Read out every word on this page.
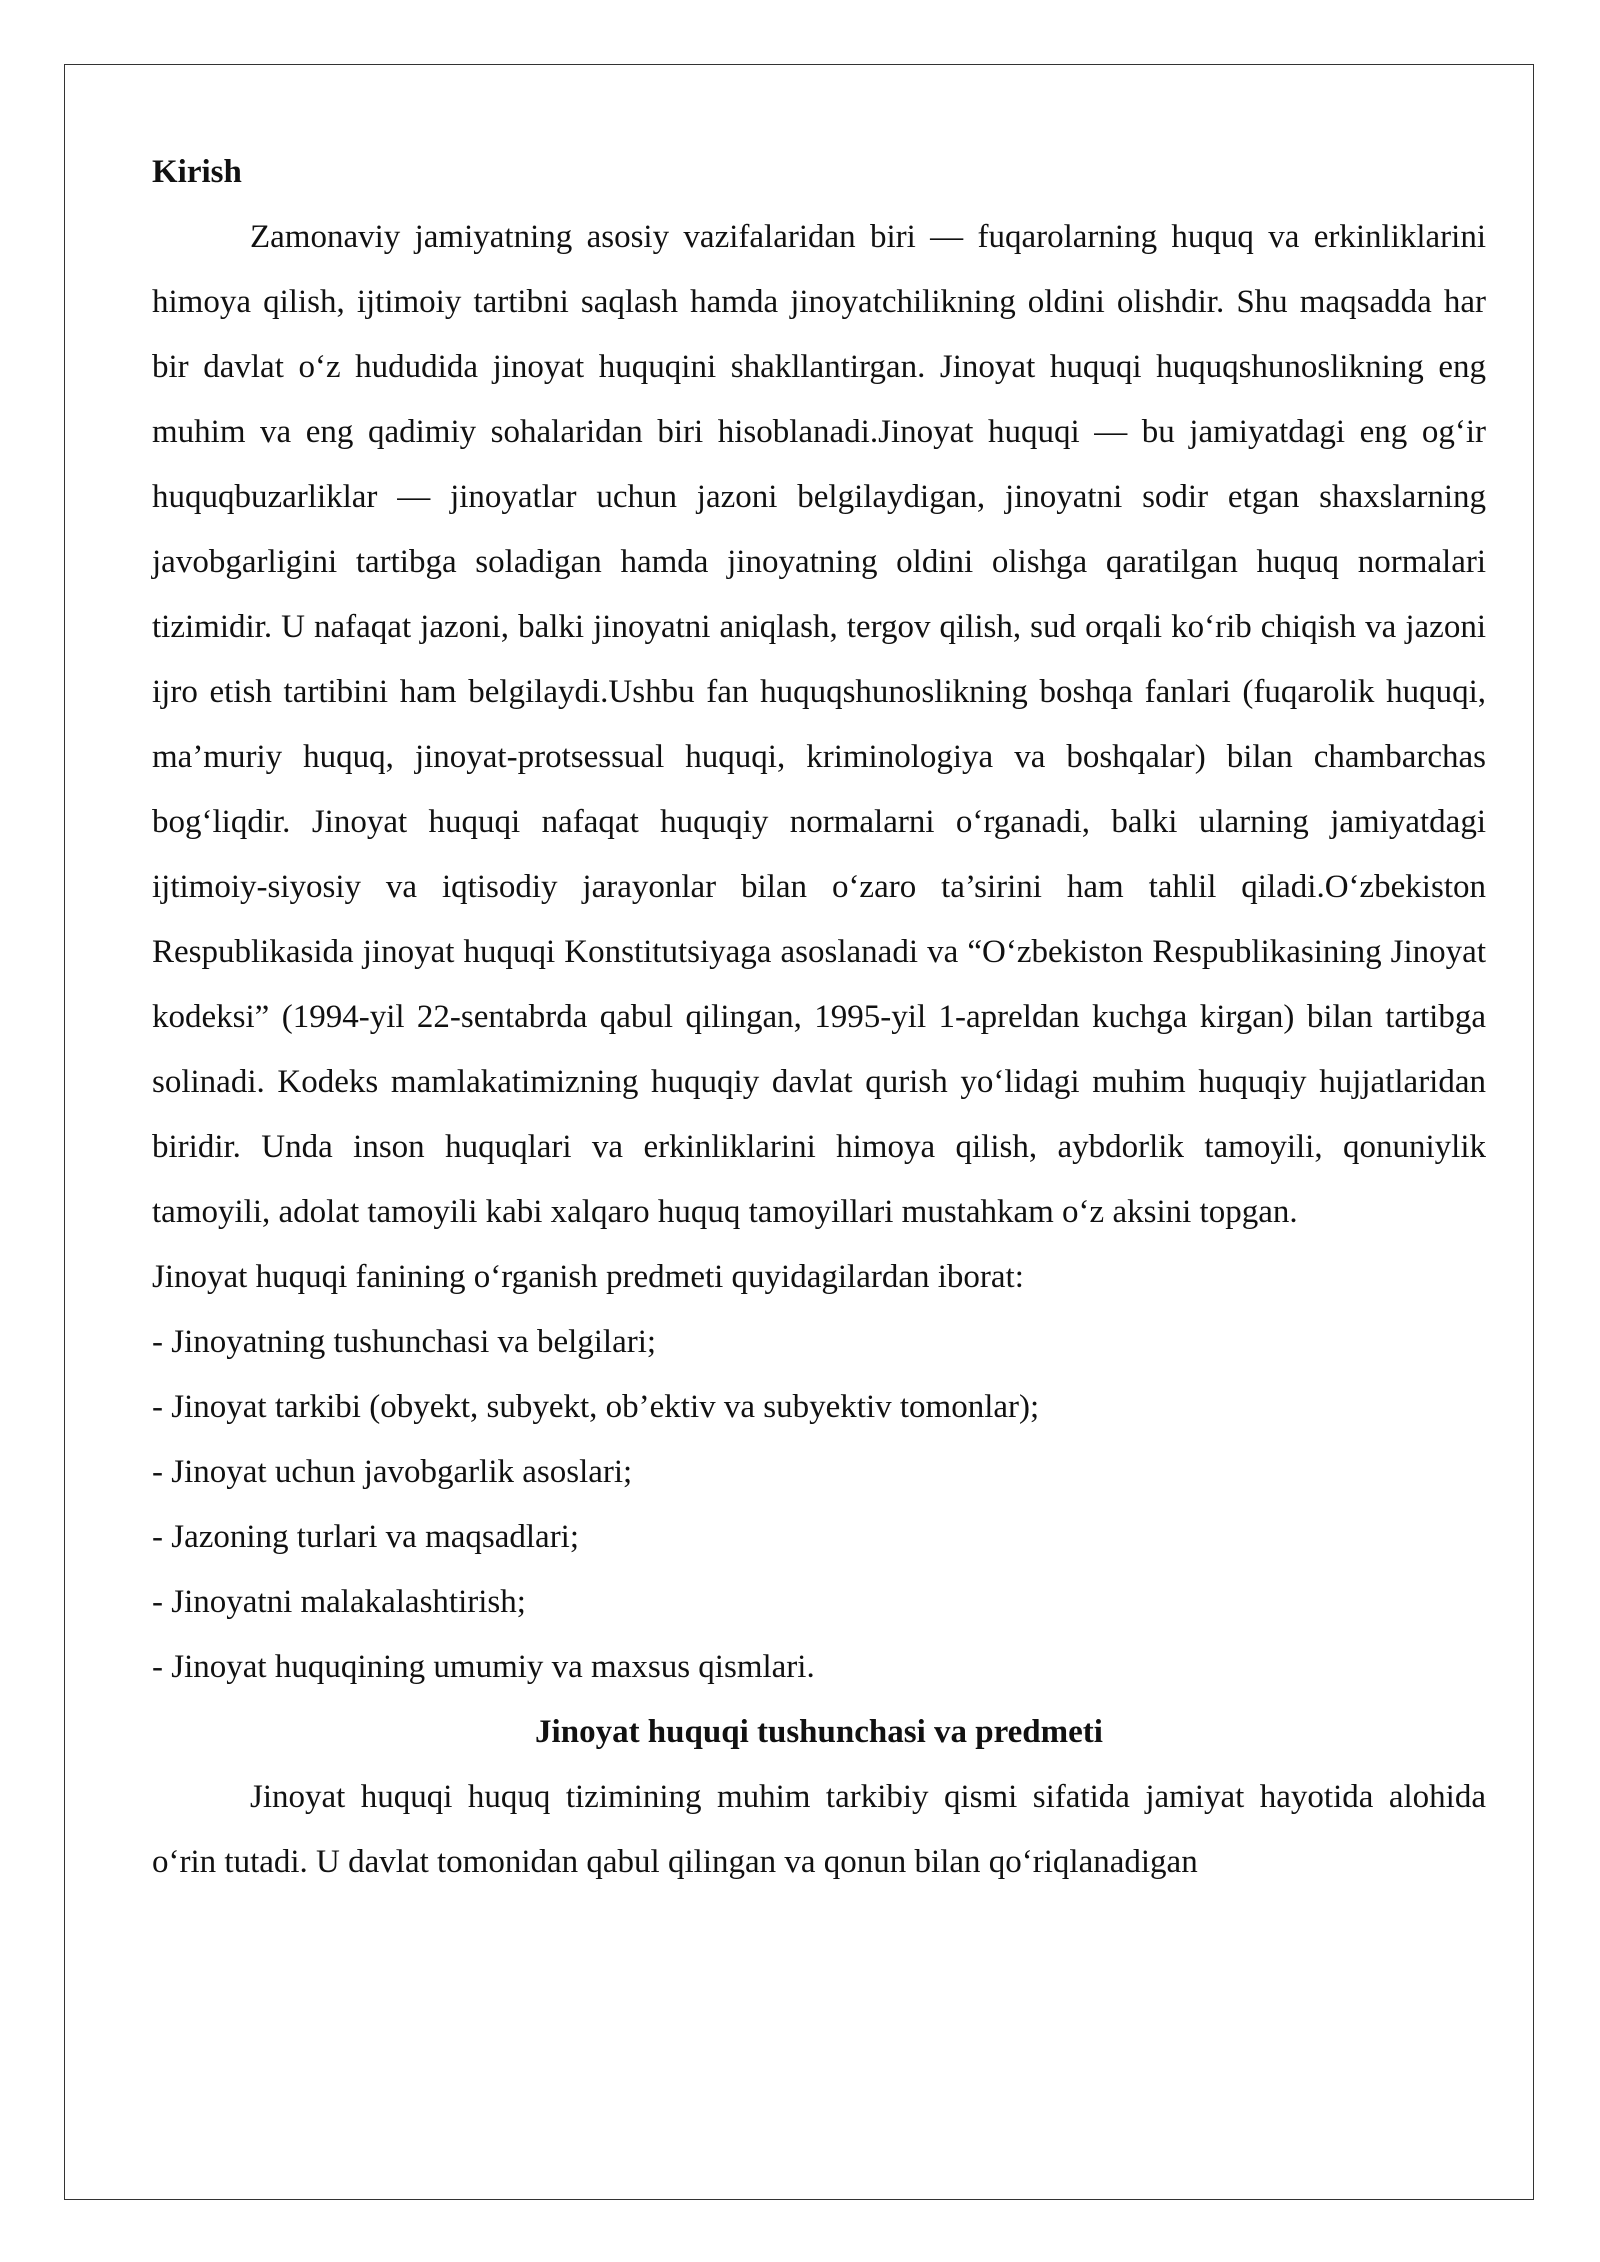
Kirish

Zamonaviy jamiyatning asosiy vazifalaridan biri — fuqarolarning huquq va erkinliklarini himoya qilish, ijtimoiy tartibni saqlash hamda jinoyatchilikning oldini olishdir. Shu maqsadda har bir davlat o‘z hududida jinoyat huquqini shakllantirgan. Jinoyat huquqi huquqshunoslikning eng muhim va eng qadimiy sohalaridan biri hisoblanadi.Jinoyat huquqi — bu jamiyatdagi eng og‘ir huquqbuzarliklar — jinoyatlar uchun jazoni belgilaydigan, jinoyatni sodir etgan shaxslarning javobgarligini tartibga soladigan hamda jinoyatning oldini olishga qaratilgan huquq normalari tizimidir. U nafaqat jazoni, balki jinoyatni aniqlash, tergov qilish, sud orqali ko‘rib chiqish va jazoni ijro etish tartibini ham belgilaydi.Ushbu fan huquqshunoslikning boshqa fanlari (fuqarolik huquqi, ma’muriy huquq, jinoyat-protsessual huquqi, kriminologiya va boshqalar) bilan chambarchas bog‘liqdir. Jinoyat huquqi nafaqat huquqiy normalarni o‘rganadi, balki ularning jamiyatdagi ijtimoiy-siyosiy va iqtisodiy jarayonlar bilan o‘zaro ta’sirini ham tahlil qiladi.O‘zbekiston Respublikasida jinoyat huquqi Konstitutsiyaga asoslanadi va “O‘zbekiston Respublikasining Jinoyat kodeksi” (1994-yil 22-sentabrda qabul qilingan, 1995-yil 1-apreldan kuchga kirgan) bilan tartibga solinadi. Kodeks mamlakatimizning huquqiy davlat qurish yo‘lidagi muhim huquqiy hujjatlaridan biridir. Unda inson huquqlari va erkinliklarini himoya qilish, aybdorlik tamoyili, qonuniylik tamoyili, adolat tamoyili kabi xalqaro huquq tamoyillari mustahkam o‘z aksini topgan.

Jinoyat huquqi fanining o‘rganish predmeti quyidagilardan iborat:

- Jinoyatning tushunchasi va belgilari;

- Jinoyat tarkibi (obyekt, subyekt, ob’ektiv va subyektiv tomonlar);

- Jinoyat uchun javobgarlik asoslari;

- Jazoning turlari va maqsadlari;

- Jinoyatni malakalashtirish;

- Jinoyat huquqining umumiy va maxsus qismlari.

Jinoyat huquqi tushunchasi va predmeti

Jinoyat huquqi huquq tizimining muhim tarkibiy qismi sifatida jamiyat hayotida alohida o‘rin tutadi. U davlat tomonidan qabul qilingan va qonun bilan qo‘riqlanadigan
